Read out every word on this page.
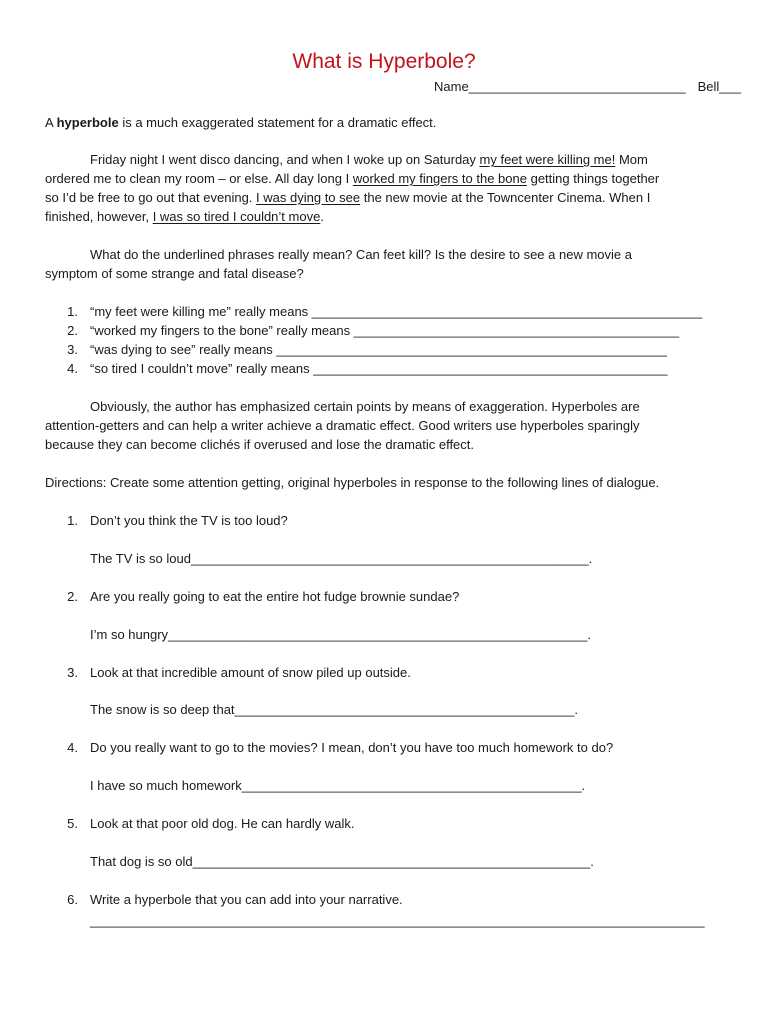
What is Hyperbole?
Name______________________________ Bell___
A hyperbole is a much exaggerated statement for a dramatic effect.
Friday night I went disco dancing, and when I woke up on Saturday my feet were killing me! Mom
ordered me to clean my room – or else. All day long I worked my fingers to the bone getting things together
so I’d be free to go out that evening. I was dying to see the new movie at the Towncenter Cinema. When I
finished, however, I was so tired I couldn’t move.
What do the underlined phrases really mean? Can feet kill? Is the desire to see a new movie a
symptom of some strange and fatal disease?
1. “my feet were killing me” really means ______________________________________________________
2. “worked my fingers to the bone” really means _____________________________________________
3. “was dying to see” really means ______________________________________________________
4. “so tired I couldn’t move” really means _________________________________________________
Obviously, the author has emphasized certain points by means of exaggeration. Hyperboles are
attention-getters and can help a writer achieve a dramatic effect. Good writers use hyperboles sparingly
because they can become clichés if overused and lose the dramatic effect.
Directions: Create some attention getting, original hyperboles in response to the following lines of dialogue.
1. Don’t you think the TV is too loud?
The TV is so loud_______________________________________________________.
2. Are you really going to eat the entire hot fudge brownie sundae?
I’m so hungry__________________________________________________________.
3. Look at that incredible amount of snow piled up outside.
The snow is so deep that_______________________________________________.
4. Do you really want to go to the movies? I mean, don’t you have too much homework to do?
I have so much homework_______________________________________________.
5. Look at that poor old dog. He can hardly walk.
That dog is so old_______________________________________________________.
6. Write a hyperbole that you can add into your narrative.
_____________________________________________________________________________________
